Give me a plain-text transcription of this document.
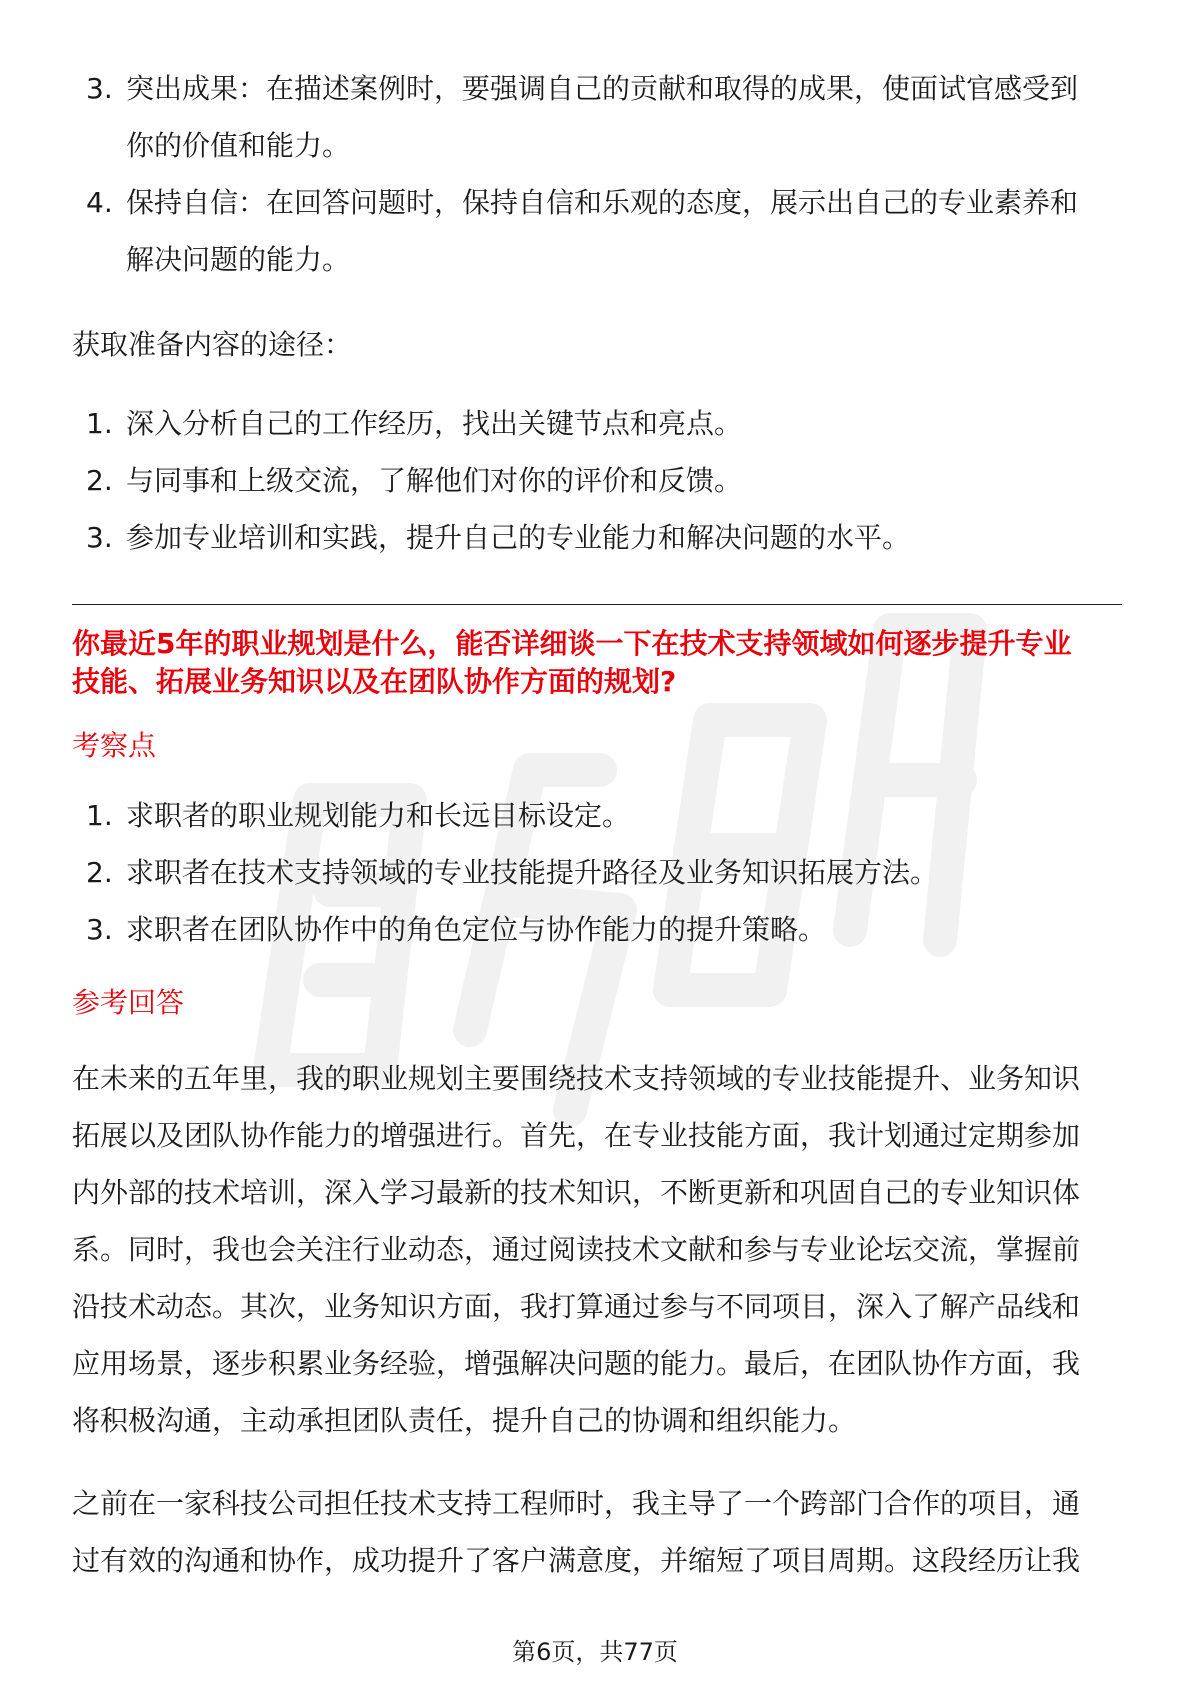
3. 突出成果：在描述案例时，要强调自己的贡献和取得的成果，使面试官感受到
你的价值和能力。
4. 保持自信：在回答问题时，保持自信和乐观的态度，展示出自己的专业素养和
解决问题的能力。

获取准备内容的途径：

1. 深入分析自己的工作经历，找出关键节点和亮点。
2. 与同事和上级交流，了解他们对你的评价和反馈。
3. 参加专业培训和实践，提升自己的专业能力和解决问题的水平。

你最近5年的职业规划是什么，能否详细谈一下在技术支持领域如何逐步提升专业

技能、拓展业务知识以及在团队协作方面的规划?

考察点

1. 求职者的职业规划能力和长远目标设定。
2. 求职者在技术支持领域的专业技能提升路径及业务知识拓展方法。
3. 求职者在团队协作中的角色定位与协作能力的提升策略。

参考回答

在未来的五年里，我的职业规划主要围绕技术支持领域的专业技能提升、业务知识

拓展以及团队协作能力的增强进行。首先，在专业技能方面，我计划通过定期参加

内外部的技术培训，深入学习最新的技术知识，不断更新和巩固自己的专业知识体

系。同时，我也会关注行业动态，通过阅读技术文献和参与专业论坛交流，掌握前

沿技术动态。其次，业务知识方面，我打算通过参与不同项目，深入了解产品线和

应用场景，逐步积累业务经验，增强解决问题的能力。最后，在团队协作方面，我

将积极沟通，主动承担团队责任，提升自己的协调和组织能力。

之前在一家科技公司担任技术支持工程师时，我主导了一个跨部门合作的项目，通

过有效的沟通和协作，成功提升了客户满意度，并缩短了项目周期。这段经历让我

第6页，共77页
